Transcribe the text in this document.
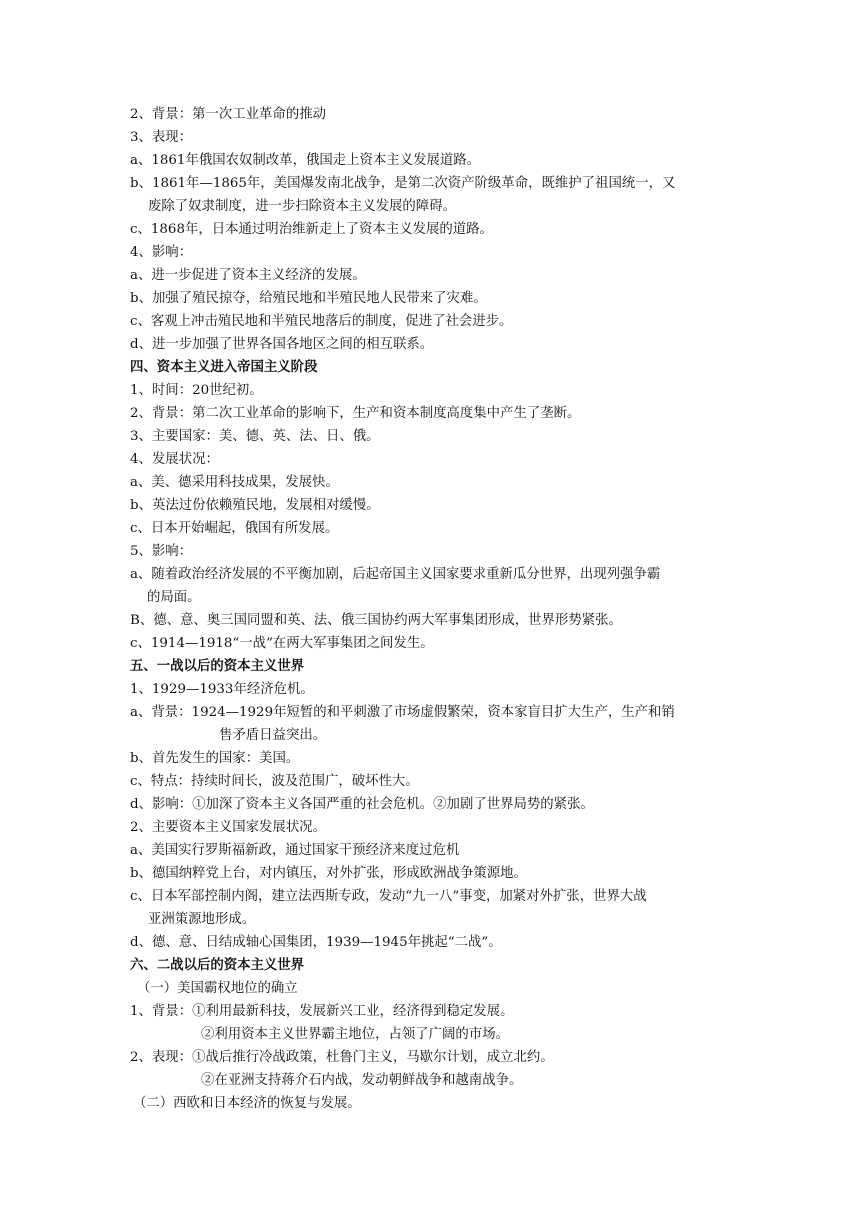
2、背景：第一次工业革命的推动
3、表现：
a、1861年俄国农奴制改革，俄国走上资本主义发展道路。
b、1861年—1865年，美国爆发南北战争，是第二次资产阶级革命，既维护了祖国统一，又
废除了奴隶制度，进一步扫除资本主义发展的障碍。
c、1868年，日本通过明治维新走上了资本主义发展的道路。
4、影响：
a、进一步促进了资本主义经济的发展。
b、加强了殖民掠夺，给殖民地和半殖民地人民带来了灾难。
c、客观上冲击殖民地和半殖民地落后的制度，促进了社会进步。
d、进一步加强了世界各国各地区之间的相互联系。
四、资本主义进入帝国主义阶段
1、时间：20世纪初。
2、背景：第二次工业革命的影响下，生产和资本制度高度集中产生了垄断。
3、主要国家：美、德、英、法、日、俄。
4、发展状况：
a、美、德采用科技成果，发展快。
b、英法过份依赖殖民地，发展相对缓慢。
c、日本开始崛起，俄国有所发展。
5、影响：
a、随着政治经济发展的不平衡加剧，后起帝国主义国家要求重新瓜分世界，出现列强争霸
的局面。
B、德、意、奥三国同盟和英、法、俄三国协约两大军事集团形成，世界形势紧张。
c、1914—1918“一战”在两大军事集团之间发生。
五、一战以后的资本主义世界
1、1929—1933年经济危机。
a、背景：1924—1929年短暂的和平刺激了市场虚假繁荣，资本家盲目扩大生产，生产和销
售矛盾日益突出。
b、首先发生的国家：美国。
c、特点：持续时间长，波及范围广，破坏性大。
d、影响：①加深了资本主义各国严重的社会危机。②加剧了世界局势的紧张。
2、主要资本主义国家发展状况。
a、美国实行罗斯福新政，通过国家干预经济来度过危机
b、德国纳粹党上台，对内镇压，对外扩张，形成欧洲战争策源地。
c、日本军部控制内阁，建立法西斯专政，发动“九一八”事变，加紧对外扩张，世界大战
亚洲策源地形成。
d、德、意、日结成轴心国集团，1939—1945年挑起“二战”。
六、二战以后的资本主义世界
（一）美国霸权地位的确立
1、背景：①利用最新科技，发展新兴工业，经济得到稳定发展。
②利用资本主义世界霸主地位，占领了广阔的市场。
2、表现：①战后推行冷战政策，杜鲁门主义，马歇尔计划，成立北约。
②在亚洲支持蒋介石内战，发动朝鲜战争和越南战争。
（二）西欧和日本经济的恢复与发展。
